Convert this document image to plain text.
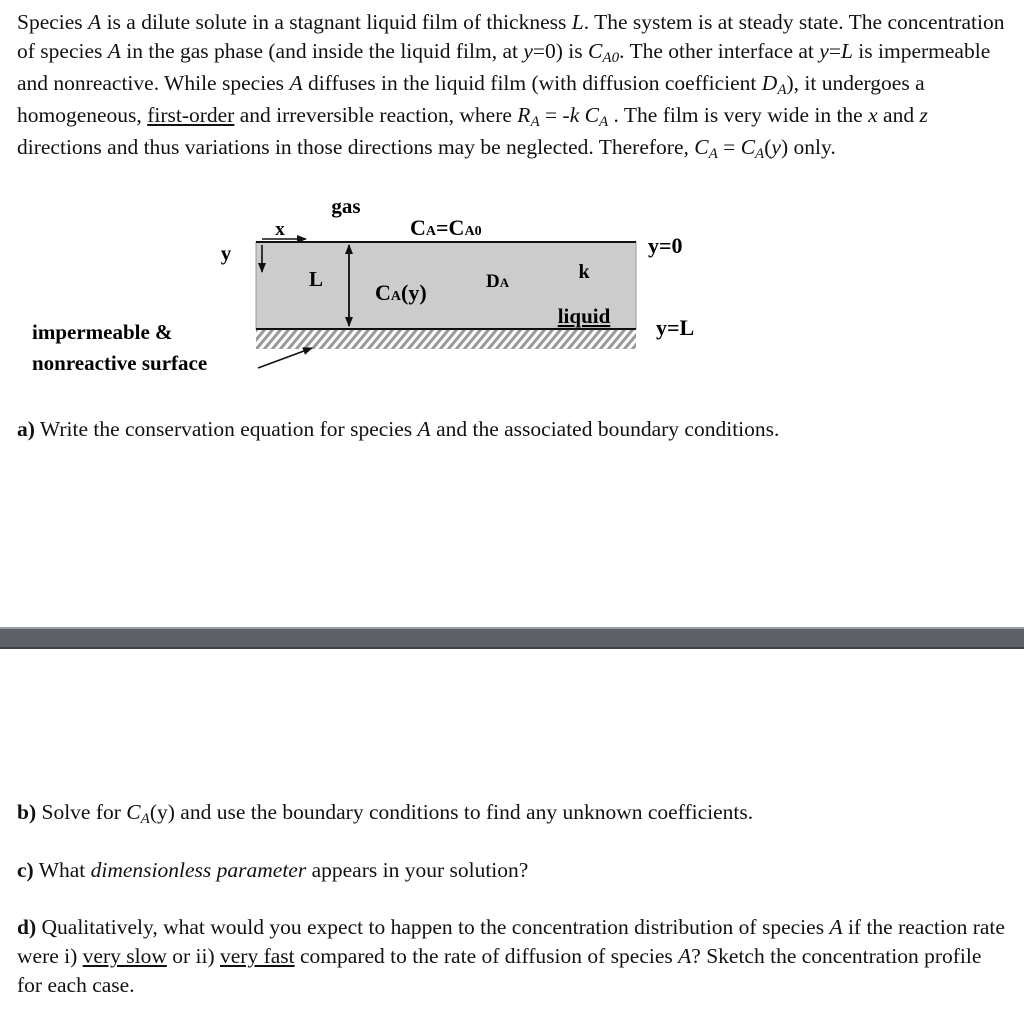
Species A is a dilute solute in a stagnant liquid film of thickness L. The system is at steady state. The concentration of species A in the gas phase (and inside the liquid film, at y=0) is $C_{A0}$. The other interface at y=L is impermeable and nonreactive. While species A diffuses in the liquid film (with diffusion coefficient $D_A$), it undergoes a homogeneous, first-order and irreversible reaction, where $R_A = -k$ $C_A$ . The film is very wide in the x and z directions and thus variations in those directions may be neglected. Therefore, $C_A = C_A(y)$ only.

gas
x
y
L
CA=CA0
CA(y)	DA	k
liquid
y=0
y=L
impermeable &
nonreactive surface

a) Write the conservation equation for species A and the associated boundary conditions.

b) Solve for $C_A(y)$ and use the boundary conditions to find any unknown coefficients.

c) What dimensionless parameter appears in your solution?

d) Qualitatively, what would you expect to happen to the concentration distribution of species A if the reaction rate were i) very slow or ii) very fast compared to the rate of diffusion of species A? Sketch the concentration profile for each case.
